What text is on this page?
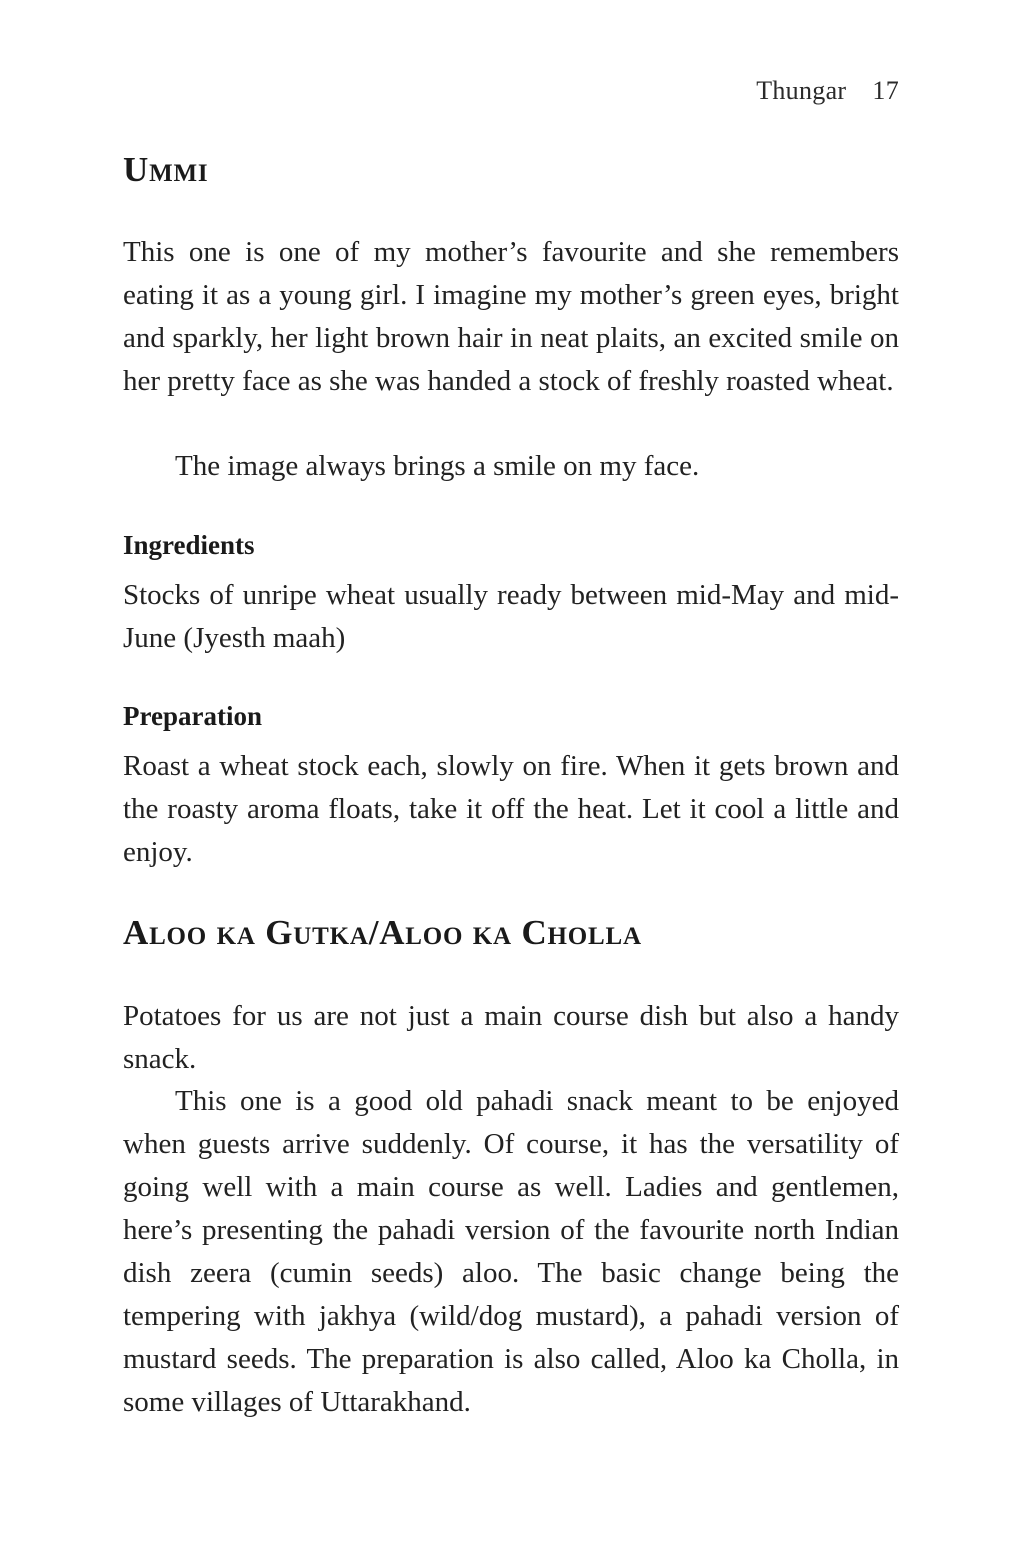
Thungar 17
Ummi

This one is one of my mother’s favourite and she remembers eating it as a young girl. I imagine my mother’s green eyes, bright and sparkly, her light brown hair in neat plaits, an excited smile on her pretty face as she was handed a stock of freshly roasted wheat.

The image always brings a smile on my face.

Ingredients

Stocks of unripe wheat usually ready between mid-May and mid-June (Jyesth maah)

Preparation

Roast a wheat stock each, slowly on fire. When it gets brown and the roasty aroma floats, take it off the heat. Let it cool a little and enjoy.

Aloo ka Gutka/Aloo ka Cholla

Potatoes for us are not just a main course dish but also a handy snack.

This one is a good old pahadi snack meant to be enjoyed when guests arrive suddenly. Of course, it has the versatility of going well with a main course as well. Ladies and gentlemen, here’s presenting the pahadi version of the favourite north Indian dish zeera (cumin seeds) aloo. The basic change being the tempering with jakhya (wild/dog mustard), a pahadi version of mustard seeds. The preparation is also called, Aloo ka Cholla, in some villages of Uttarakhand.
